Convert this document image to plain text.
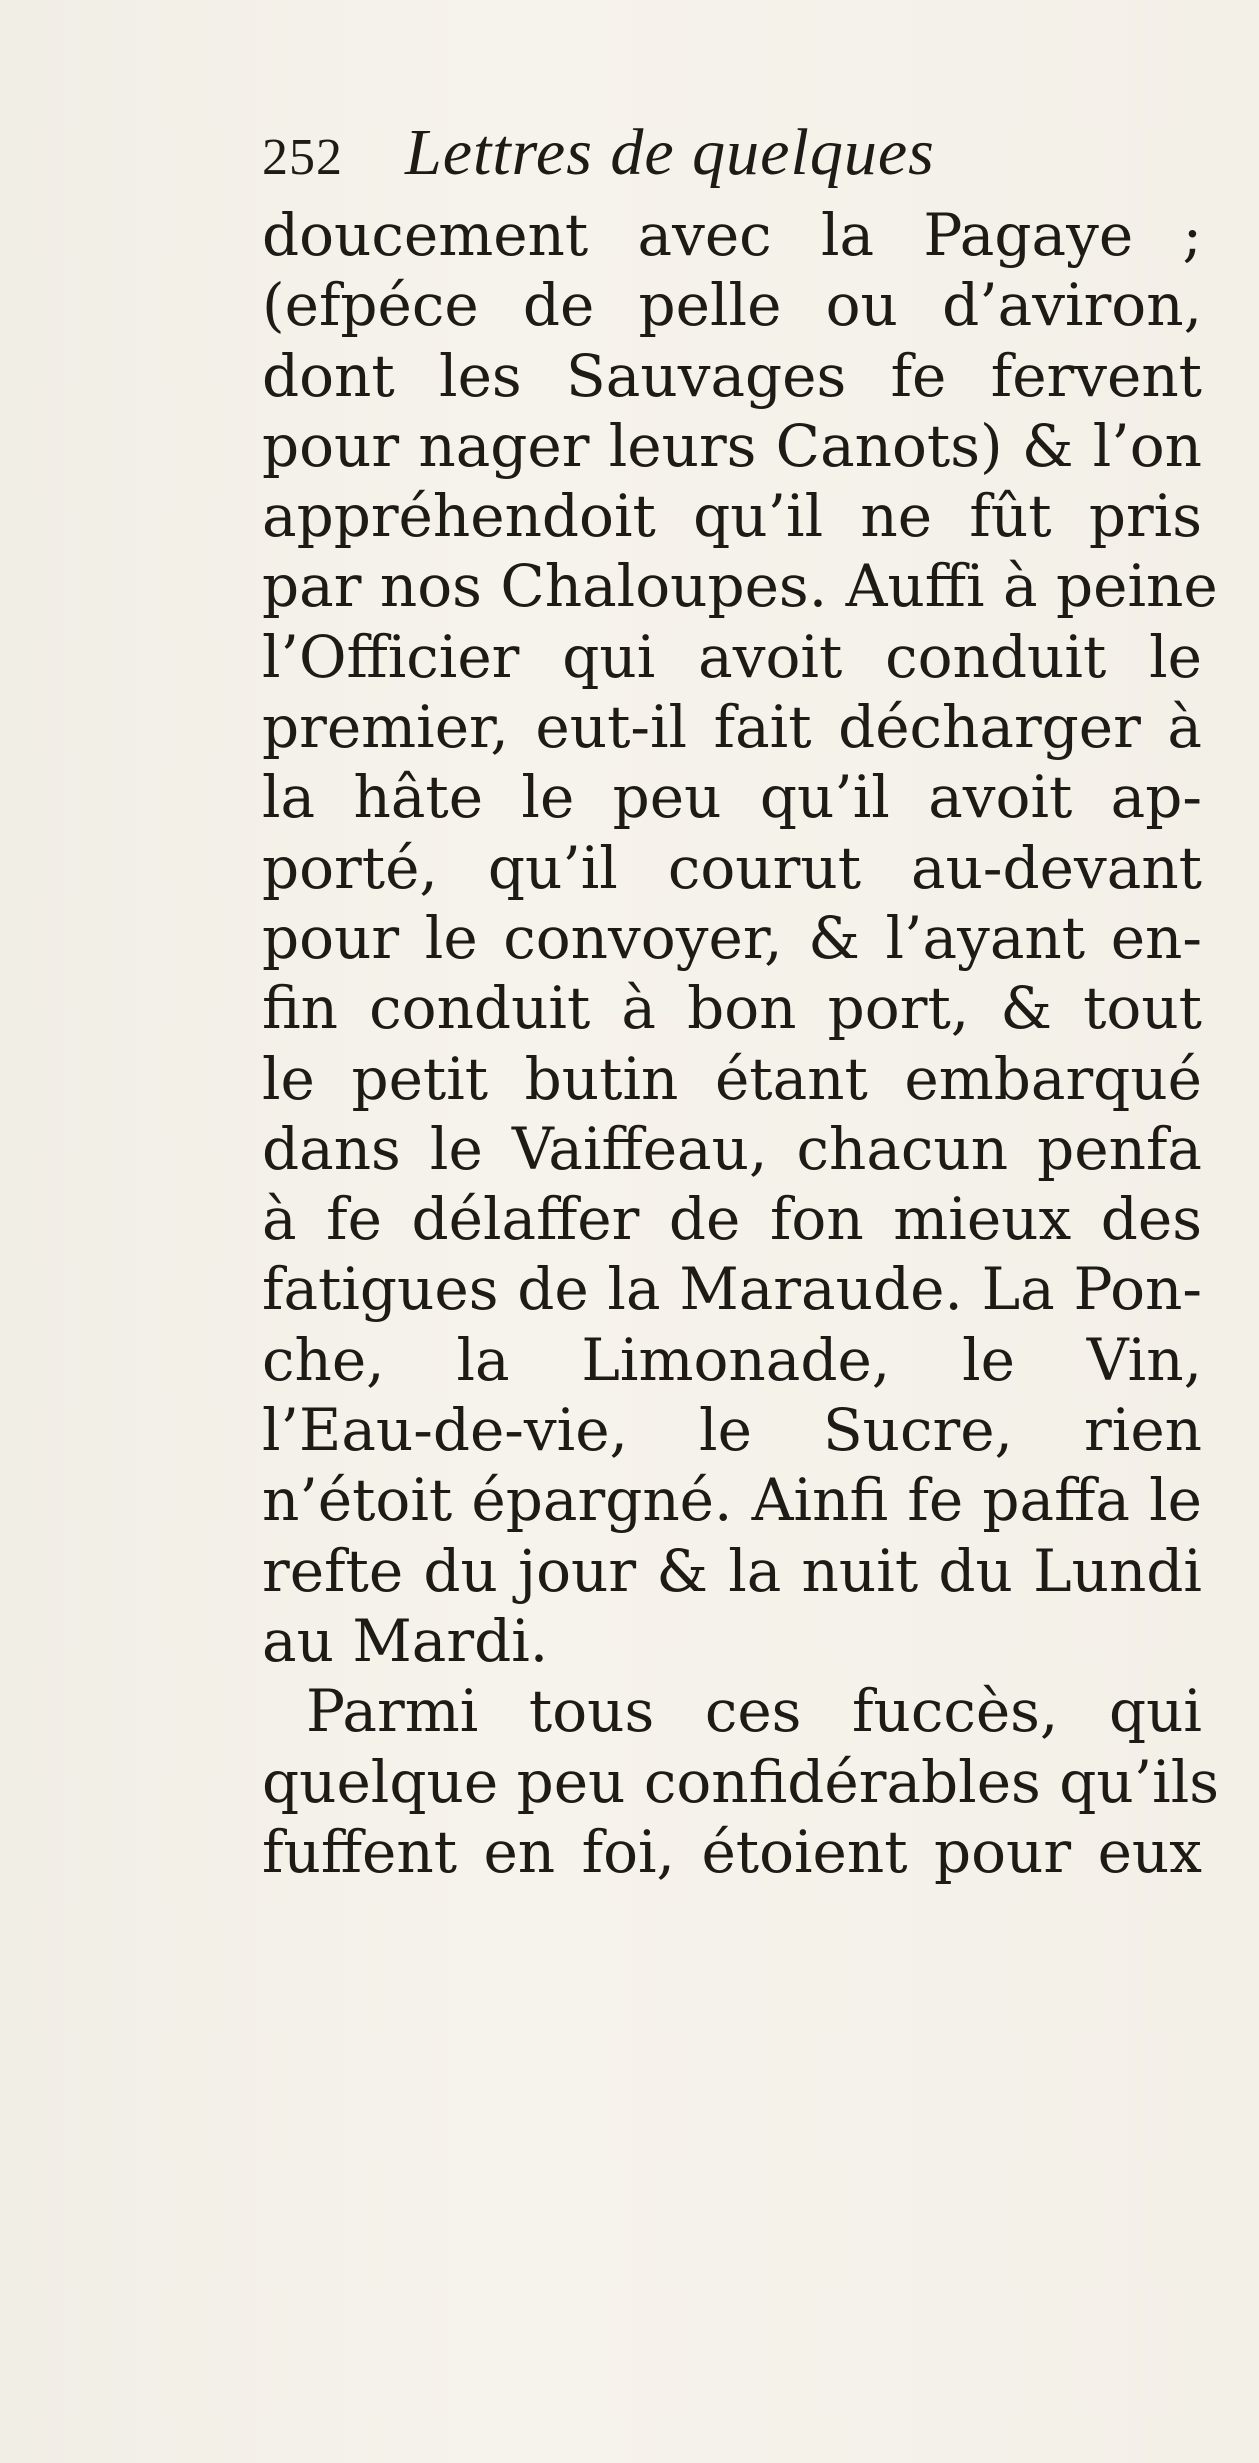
252 Lettres de quelques
doucement avec la Pagaye ;
(efpéce de pelle ou d’aviron,
dont les Sauvages fe fervent
pour nager leurs Canots) & l’on
appréhendoit qu’il ne fût pris
par nos Chaloupes. Auffi à peine
l’Officier qui avoit conduit le
premier, eut-il fait décharger à
la hâte le peu qu’il avoit ap-
porté, qu’il courut au-devant
pour le convoyer, & l’ayant en-
fin conduit à bon port, & tout
le petit butin étant embarqué
dans le Vaiffeau, chacun penfa
à fe délaffer de fon mieux des
fatigues de la Maraude. La Pon-
che, la Limonade, le Vin,
l’Eau-de-vie, le Sucre, rien
n’étoit épargné. Ainfi fe paffa le
refte du jour & la nuit du Lundi
au Mardi.
Parmi tous ces fuccès, qui
quelque peu confidérables qu’ils
fuffent en foi, étoient pour eux
